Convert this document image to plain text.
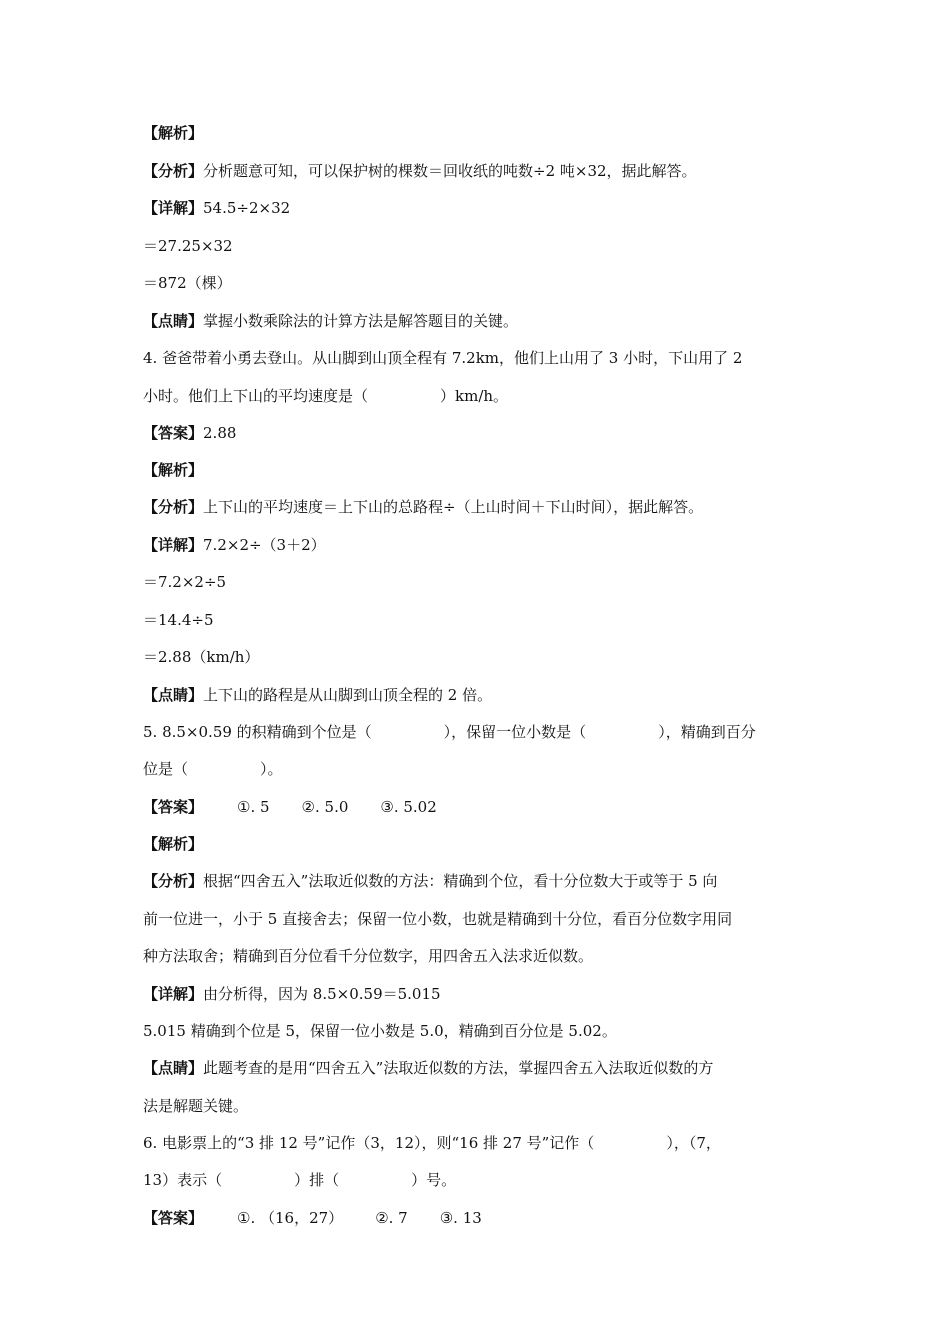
【解析】
【分析】分析题意可知，可以保护树的棵数＝回收纸的吨数÷2 吨×32，据此解答。
【详解】54.5÷2×32
＝27.25×32
＝872（棵）
【点睛】掌握小数乘除法的计算方法是解答题目的关键。
4. 爸爸带着小勇去登山。从山脚到山顶全程有 7.2km，他们上山用了 3 小时，下山用了 2
小时。他们上下山的平均速度是（	）km/h。
【答案】2.88
【解析】
【分析】上下山的平均速度＝上下山的总路程÷（上山时间＋下山时间），据此解答。
【详解】7.2×2÷（3＋2）
＝7.2×2÷5
＝14.4÷5
＝2.88（km/h）
【点睛】上下山的路程是从山脚到山顶全程的 2 倍。
5. 8.5×0.59 的积精确到个位是（	），保留一位小数是（	），精确到百分
位是（	）。
【答案】 ①. 5 ②. 5.0 ③. 5.02
【解析】
【分析】根据“四舍五入”法取近似数的方法：精确到个位，看十分位数大于或等于 5 向
前一位进一，小于 5 直接舍去；保留一位小数，也就是精确到十分位，看百分位数字用同
种方法取舍；精确到百分位看千分位数字，用四舍五入法求近似数。
【详解】由分析得，因为 8.5×0.59＝5.015
5.015 精确到个位是 5，保留一位小数是 5.0，精确到百分位是 5.02。
【点睛】此题考查的是用“四舍五入”法取近似数的方法，掌握四舍五入法取近似数的方
法是解题关键。
6. 电影票上的“3 排 12 号”记作（3，12），则“16 排 27 号”记作（	），（7，
13）表示（	）排（	）号。
【答案】 ①. （16，27） ②. 7 ③. 13
